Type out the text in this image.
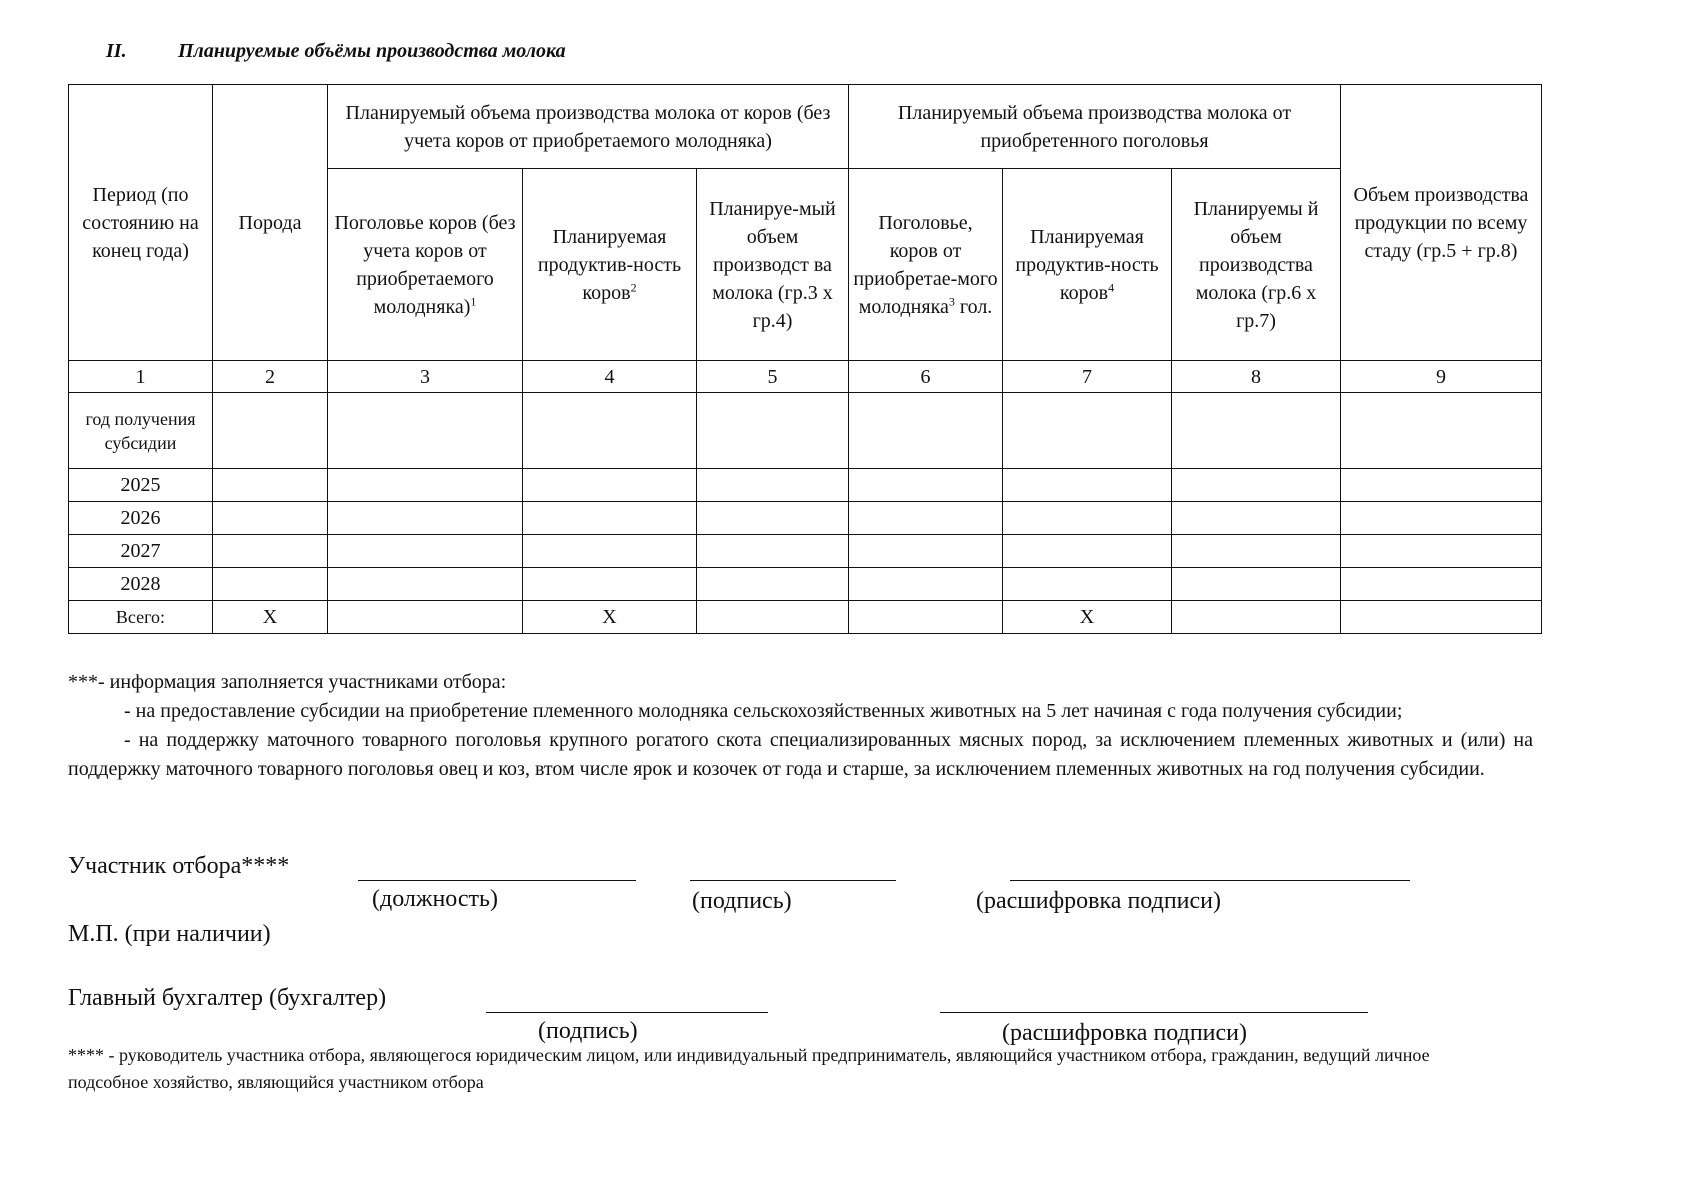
II.	Планируемые объёмы производства молока
Период (по состоянию на конец года)	Порода	Планируемый объема производства молока от коров (без учета коров от приобретаемого молодняка)			Планируемый объема производства молока от приобретенного поголовья			Объем производства продукции по всему стаду (гр.5 + гр.8)
		Поголовье коров (без учета коров от приобретаемого молодняка)$^1$	Планируемая продуктив-ность коров$^2$	Планируе-мый объем производст ва молока (гр.3 х гр.4)	Поголовье, коров от приобретае-мого молодняка$^3$ гол.	Планируемая продуктив-ность коров$^4$	Планируемы й объем производства молока (гр.6 х гр.7)	
1	2	3	4	5	6	7	8	9
год получения субсидии								
2025								
2026								
2027								
2028								
Всего:	Х		Х			Х		

***- информация заполняется участниками отбора:

- на предоставление субсидии на приобретение племенного молодняка сельскохозяйственных животных на 5 лет начиная с года получения субсидии;

- на поддержку маточного товарного поголовья крупного рогатого скота специализированных мясных пород, за исключением племенных животных и (или) на поддержку маточного товарного поголовья овец и коз, втом числе ярок и козочек от года и старше, за исключением племенных животных на год получения субсидии.

Участник отбора****
(должность)	(подпись)	(расшифровка подписи)
М.П. (при наличии)
Главный бухгалтер (бухгалтер)
(подпись)	(расшифровка подписи)
**** - руководитель участника отбора, являющегося юридическим лицом, или индивидуальный предприниматель, являющийся участником отбора, гражданин, ведущий личное подсобное хозяйство, являющийся участником отбора
